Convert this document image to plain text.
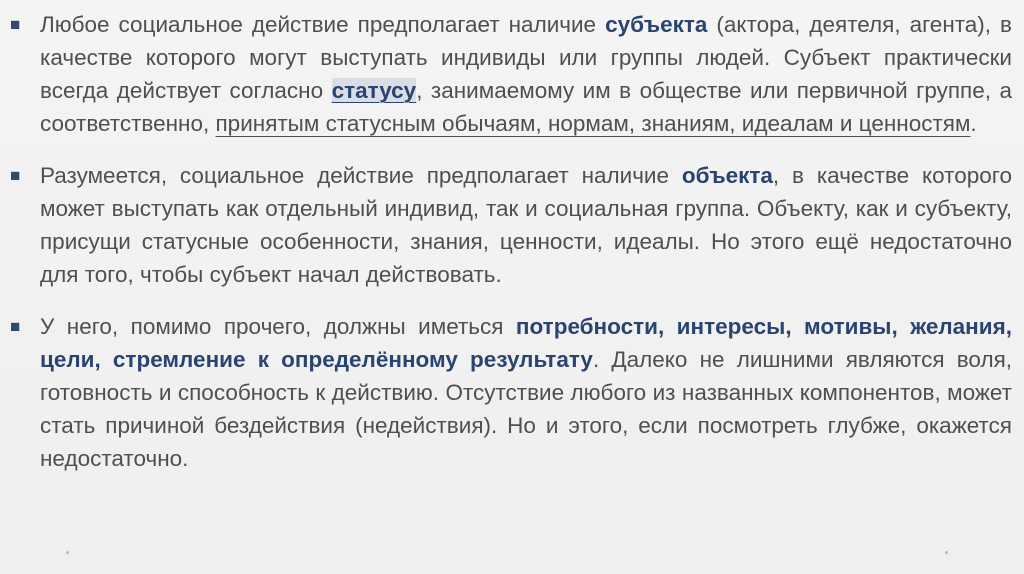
■ Любое социальное действие предполагает наличие субъекта (актора, деятеля, агента), в качестве которого могут выступать индивиды или группы людей. Субъект практически всегда действует согласно статусу, занимаемому им в обществе или первичной группе, а соответственно, принятым статусным обычаям, нормам, знаниям, идеалам и ценностям.
■ Разумеется, социальное действие предполагает наличие объекта, в качестве которого может выступать как отдельный индивид, так и социальная группа. Объекту, как и субъекту, присущи статусные особенности, знания, ценности, идеалы. Но этого ещё недостаточно для того, чтобы субъект начал действовать.
■ У него, помимо прочего, должны иметься потребности, интересы, мотивы, желания, цели, стремление к определённому результату. Далеко не лишними являются воля, готовность и способность к действию. Отсутствие любого из названных компонентов, может стать причиной бездействия (недействия). Но и этого, если посмотреть глубже, окажется недостаточно.
